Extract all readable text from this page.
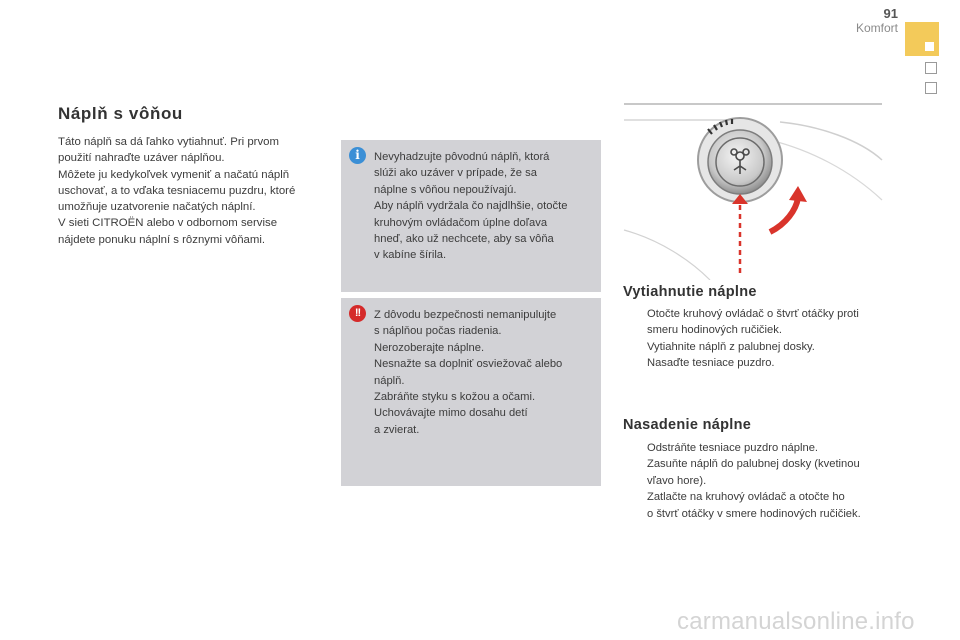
91
Komfort
Náplň s vôňou

Táto náplň sa dá ľahko vytiahnuť. Pri prvom

použití nahraďte uzáver náplňou.

Môžete ju kedykoľvek vymeniť a načatú náplň

uschovať, a to vďaka tesniacemu puzdru, ktoré

umožňuje uzatvorenie načatých náplní.

V sieti CITROËN alebo v odbornom servise

nájdete ponuku náplní s rôznymi vôňami.

i	Nevyhadzujte pôvodnú náplň, ktorá

slúži ako uzáver v prípade, že sa

náplne s vôňou nepoužívajú.

Aby náplň vydržala čo najdlhšie, otočte

kruhovým ovládačom úplne doľava

hneď, ako už nechcete, aby sa vôňa

v kabíne šírila.

!!	Z dôvodu bezpečnosti nemanipulujte

s náplňou počas riadenia.

Nerozoberajte náplne.

Nesnažte sa doplniť osviežovač alebo

náplň.

Zabráňte styku s kožou a očami.

Uchovávajte mimo dosahu detí

a zvierat.

Vytiahnutie náplne
Otočte kruhový ovládač o štvrť otáčky proti
smeru hodinových ručičiek.
Vytiahnite náplň z palubnej dosky.
Nasaďte tesniace puzdro.
Nasadenie náplne
Odstráňte tesniace puzdro náplne.
Zasuňte náplň do palubnej dosky (kvetinou
vľavo hore).
Zatlačte na kruhový ovládač a otočte ho
o štvrť otáčky v smere hodinových ručičiek.
carmanualsonline.info
